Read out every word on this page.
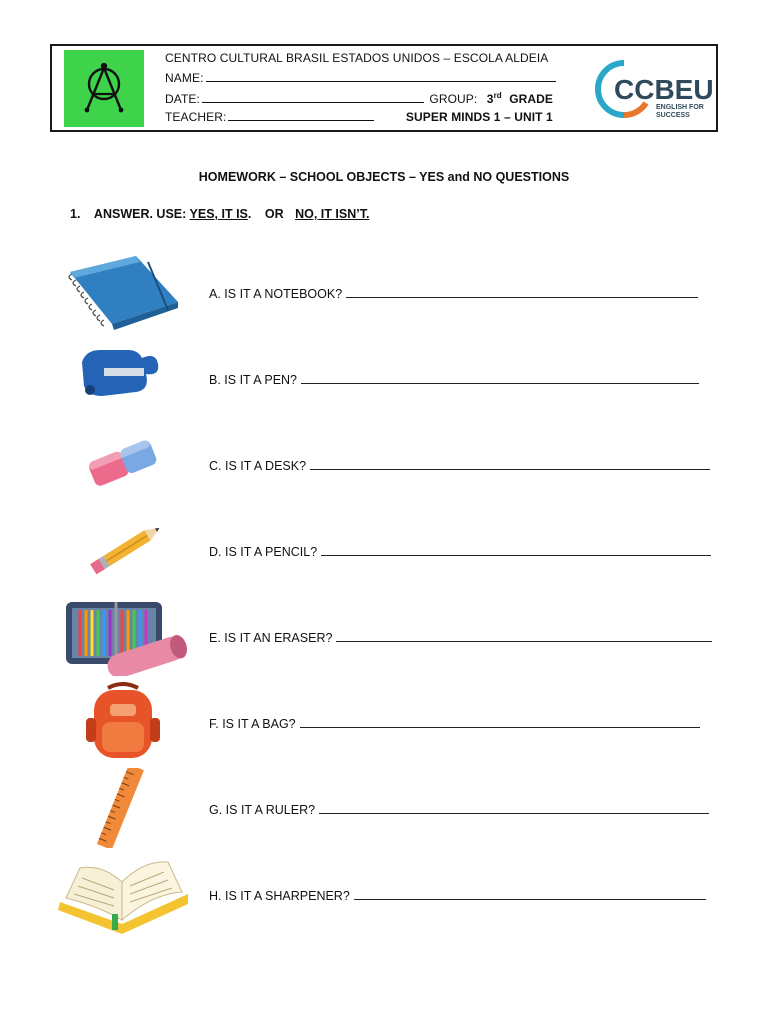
CENTRO CULTURAL BRASIL ESTADOS UNIDOS – ESCOLA ALDEIA
NAME:
DATE:	GROUP: 3rd GRADE
TEACHER:	SUPER MINDS 1 – UNIT 1
CCBEU
ENGLISH FOR
SUCCESS
HOMEWORK – SCHOOL OBJECTS – YES and NO QUESTIONS
1. ANSWER. USE: YES, IT IS. OR NO, IT ISN’T.
A. IS IT A NOTEBOOK?
B. IS IT A PEN?
C. IS IT A DESK?
D. IS IT A PENCIL?
E. IS IT AN ERASER?
F. IS IT A BAG?
G. IS IT A RULER?
H. IS IT A SHARPENER?
